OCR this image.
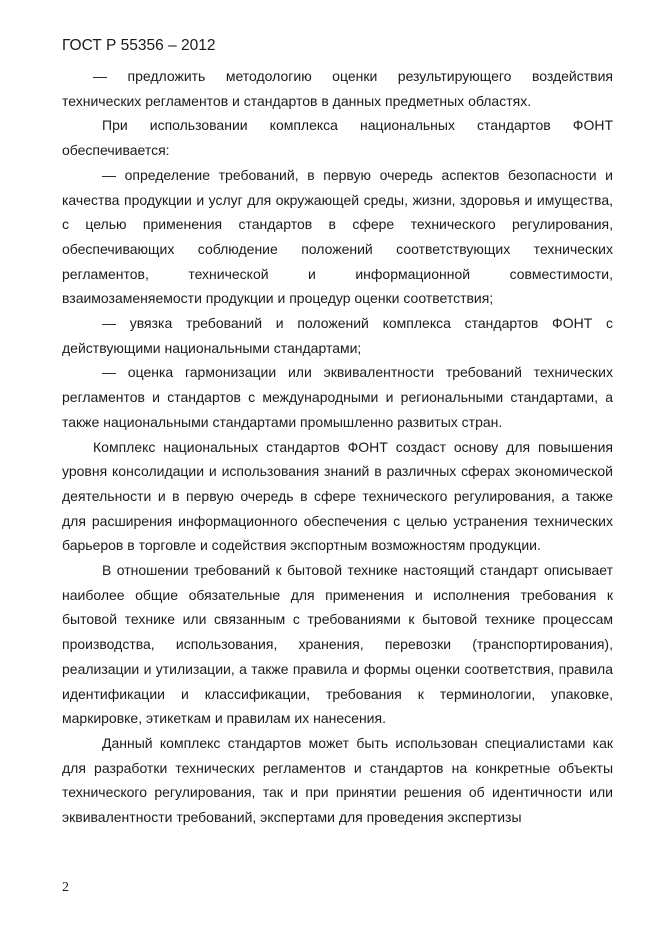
ГОСТ Р 55356 – 2012

— предложить методологию оценки результирующего воздействия технических регламентов и стандартов в данных предметных областях.

При использовании комплекса национальных стандартов ФОНТ обеспечивается:

— определение требований, в первую очередь аспектов безопасности и качества продукции и услуг для окружающей среды, жизни, здоровья и имущества, с целью применения стандартов в сфере технического регулирования, обеспечивающих соблюдение положений соответствующих технических регламентов, технической и информационной совместимости, взаимозаменяемости продукции и процедур оценки соответствия;

— увязка требований и положений комплекса стандартов ФОНТ с действующими национальными стандартами;

— оценка гармонизации или эквивалентности требований технических регламентов и стандартов с международными и региональными стандартами, а также национальными стандартами промышленно развитых стран.

Комплекс национальных стандартов ФОНТ создаст основу для повышения уровня консолидации и использования знаний в различных сферах экономической деятельности и в первую очередь в сфере технического регулирования, а также для расширения информационного обеспечения с целью устранения технических барьеров в торговле и содействия экспортным возможностям продукции.

В отношении требований к бытовой технике настоящий стандарт описывает наиболее общие обязательные для применения и исполнения требования к бытовой технике или связанным с требованиями к бытовой технике процессам производства, использования, хранения, перевозки (транспортирования), реализации и утилизации, а также правила и формы оценки соответствия, правила идентификации и классификации, требования к терминологии, упаковке, маркировке, этикеткам и правилам их нанесения.

Данный комплекс стандартов может быть использован специалистами как для разработки технических регламентов и стандартов на конкретные объекты технического регулирования, так и при принятии решения об идентичности или эквивалентности требований, экспертами для проведения экспертизы

2
